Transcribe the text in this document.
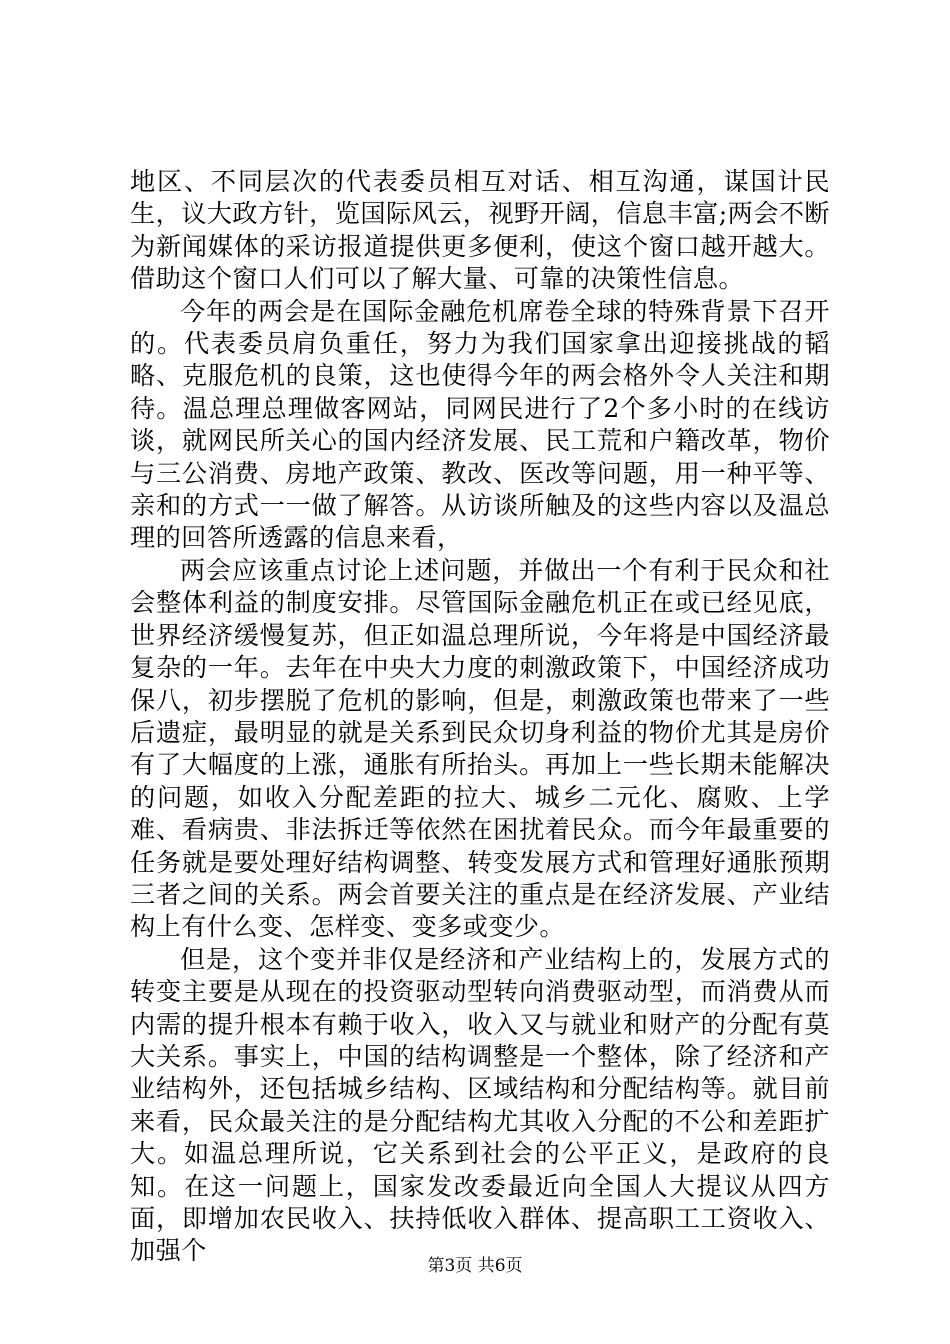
地区、不同层次的代表委员相互对话、相互沟通，谋国计民生，议大政方针，览国际风云，视野开阔，信息丰富;两会不断为新闻媒体的采访报道提供更多便利，使这个窗口越开越大。借助这个窗口人们可以了解大量、可靠的决策性信息。

今年的两会是在国际金融危机席卷全球的特殊背景下召开的。代表委员肩负重任，努力为我们国家拿出迎接挑战的韬略、克服危机的良策，这也使得今年的两会格外令人关注和期待。温总理总理做客网站，同网民进行了2个多小时的在线访谈，就网民所关心的国内经济发展、民工荒和户籍改革，物价与三公消费、房地产政策、教改、医改等问题，用一种平等、亲和的方式一一做了解答。从访谈所触及的这些内容以及温总理的回答所透露的信息来看，

两会应该重点讨论上述问题，并做出一个有利于民众和社会整体利益的制度安排。尽管国际金融危机正在或已经见底，世界经济缓慢复苏，但正如温总理所说，今年将是中国经济最复杂的一年。去年在中央大力度的刺激政策下，中国经济成功保八，初步摆脱了危机的影响，但是，刺激政策也带来了一些后遗症，最明显的就是关系到民众切身利益的物价尤其是房价有了大幅度的上涨，通胀有所抬头。再加上一些长期未能解决的问题，如收入分配差距的拉大、城乡二元化、腐败、上学难、看病贵、非法拆迁等依然在困扰着民众。而今年最重要的任务就是要处理好结构调整、转变发展方式和管理好通胀预期三者之间的关系。两会首要关注的重点是在经济发展、产业结构上有什么变、怎样变、变多或变少。

但是，这个变并非仅是经济和产业结构上的，发展方式的转变主要是从现在的投资驱动型转向消费驱动型，而消费从而内需的提升根本有赖于收入，收入又与就业和财产的分配有莫大关系。事实上，中国的结构调整是一个整体，除了经济和产业结构外，还包括城乡结构、区域结构和分配结构等。就目前来看，民众最关注的是分配结构尤其收入分配的不公和差距扩大。如温总理所说，它关系到社会的公平正义，是政府的良知。在这一问题上，国家发改委最近向全国人大提议从四方面，即增加农民收入、扶持低收入群体、提高职工工资收入、加强个

第3页 共6页
